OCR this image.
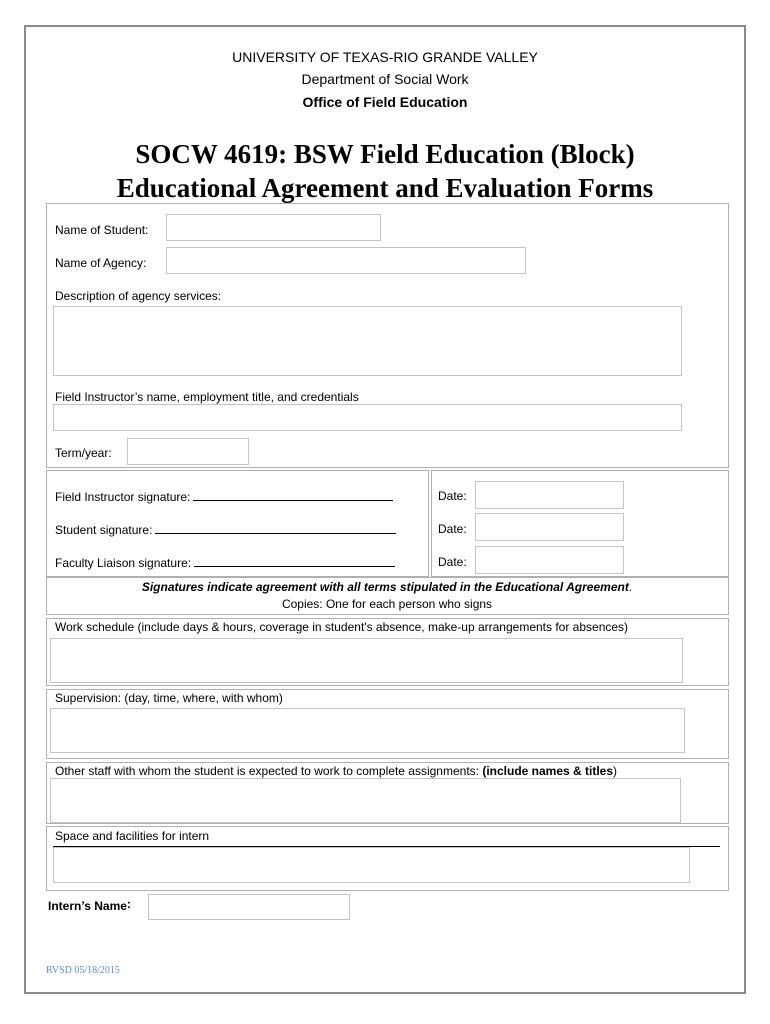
UNIVERSITY OF TEXAS-RIO GRANDE VALLEY
Department of Social Work
Office of Field Education
SOCW 4619: BSW Field Education (Block)
Educational Agreement and Evaluation Forms
Name of Student:
Name of Agency:
Description of agency services:
Field Instructor’s name, employment title, and credentials
Term/year:
Field Instructor signature:
Student signature:
Faculty Liaison signature:
Date:
Date:
Date:
Signatures indicate agreement with all terms stipulated in the Educational Agreement.
Copies: One for each person who signs
Work schedule (include days & hours, coverage in student's absence, make-up arrangements for absences)
Supervision: (day, time, where, with whom)
Other staff with whom the student is expected to work to complete assignments: (include names & titles)
Space and facilities for intern
Intern’s Name:
RVSD 05/18/2015
